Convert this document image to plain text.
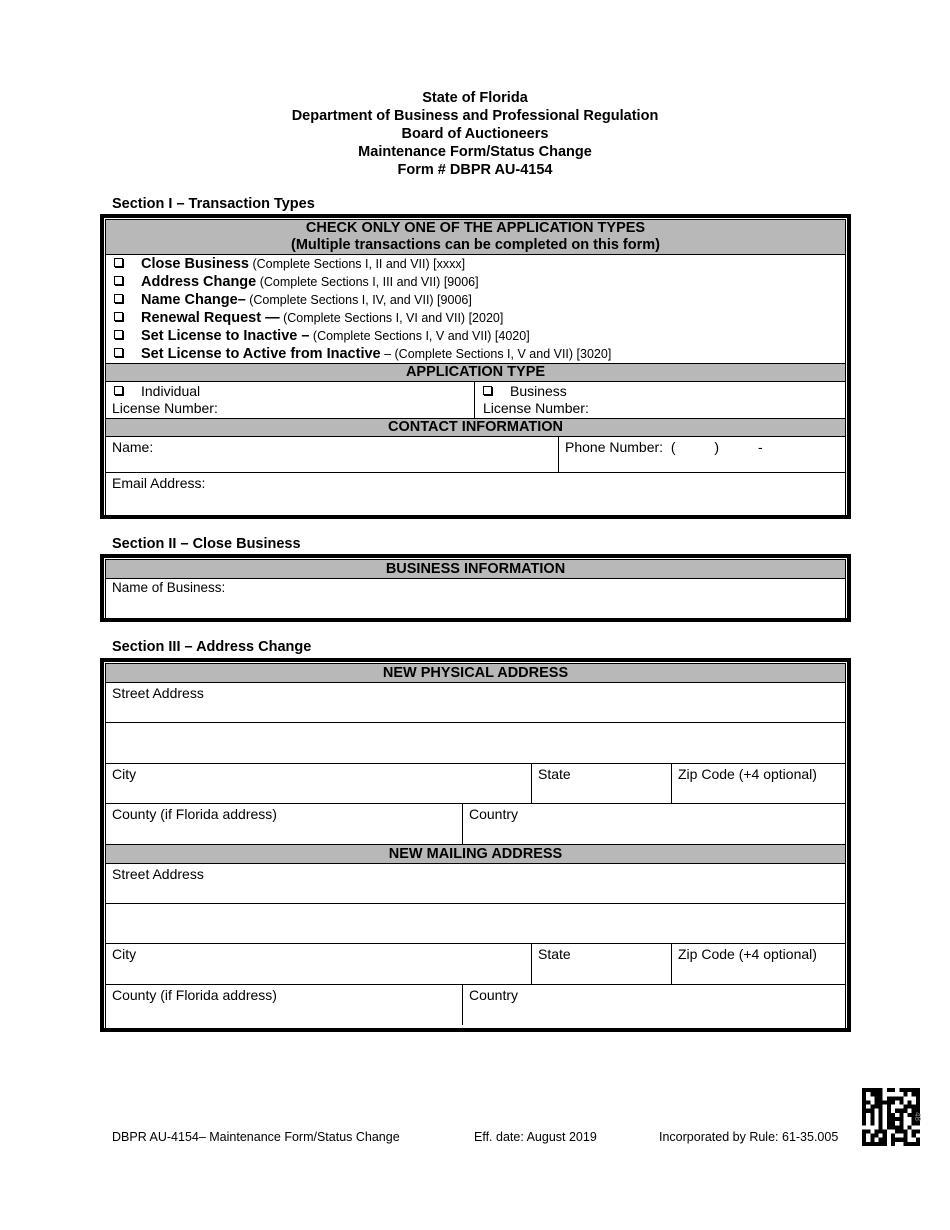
State of Florida
Department of Business and Professional Regulation
Board of Auctioneers
Maintenance Form/Status Change
Form # DBPR AU-4154
Section I – Transaction Types
CHECK ONLY ONE OF THE APPLICATION TYPES
(Multiple transactions can be completed on this form)
Close Business (Complete Sections I, II and VII) [xxxx]
Address Change (Complete Sections I, III and VII) [9006]
Name Change– (Complete Sections I, IV, and VII) [9006]
Renewal Request — (Complete Sections I, VI and VII) [2020]
Set License to Inactive – (Complete Sections I, V and VII) [4020]
Set License to Active from Inactive – (Complete Sections I, V and VII) [3020]
APPLICATION TYPE
Individual
License Number:
Business
License Number:
CONTACT INFORMATION
Name:	Phone Number:  (          )          -
Email Address:
Section II – Close Business
BUSINESS INFORMATION
Name of Business:
Section III – Address Change
NEW PHYSICAL ADDRESS
Street Address
City	State	Zip Code (+4 optional)
County (if Florida address)	Country
NEW MAILING ADDRESS
Street Address
City	State	Zip Code (+4 optional)
County (if Florida address)	Country
DBPR AU-4154– Maintenance Form/Status Change	Eff. date: August 2019	Incorporated by Rule: 61-35.005
48
